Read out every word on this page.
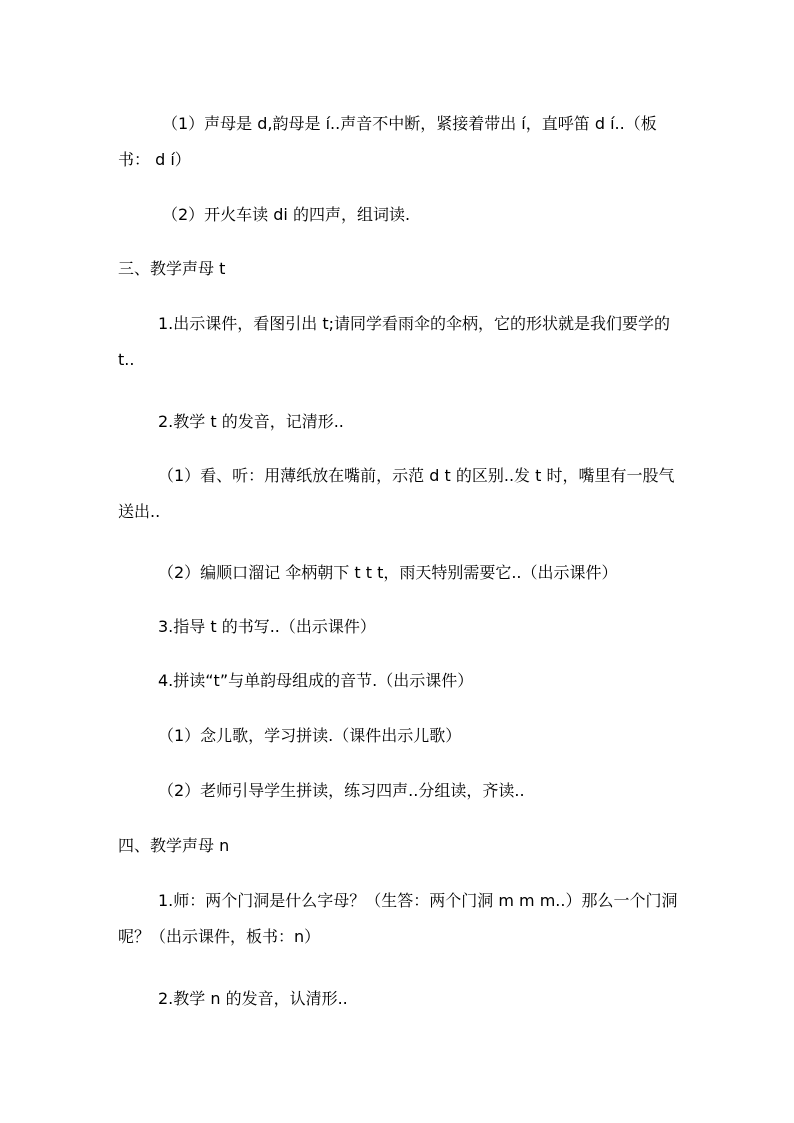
（1）声母是 d,韵母是 í..声音不中断，紧接着带出 í，直呼笛 d í..（板书： d í）

（2）开火车读 di 的四声，组词读.

三、教学声母 t

1.出示课件，看图引出 t;请同学看雨伞的伞柄，它的形状就是我们要学的 t..

2.教学 t 的发音，记清形..

（1）看、听：用薄纸放在嘴前，示范 d t 的区别..发 t 时，嘴里有一股气送出..

（2）编顺口溜记 伞柄朝下 t t t，雨天特别需要它..（出示课件）

3.指导 t 的书写..（出示课件）

4.拼读“t”与单韵母组成的音节.（出示课件）

（1）念儿歌，学习拼读.（课件出示儿歌）

（2）老师引导学生拼读，练习四声..分组读，齐读..

四、教学声母 n

1.师：两个门洞是什么字母？（生答：两个门洞 m m m..）那么一个门洞呢？（出示课件，板书：n）

2.教学 n 的发音，认清形..
